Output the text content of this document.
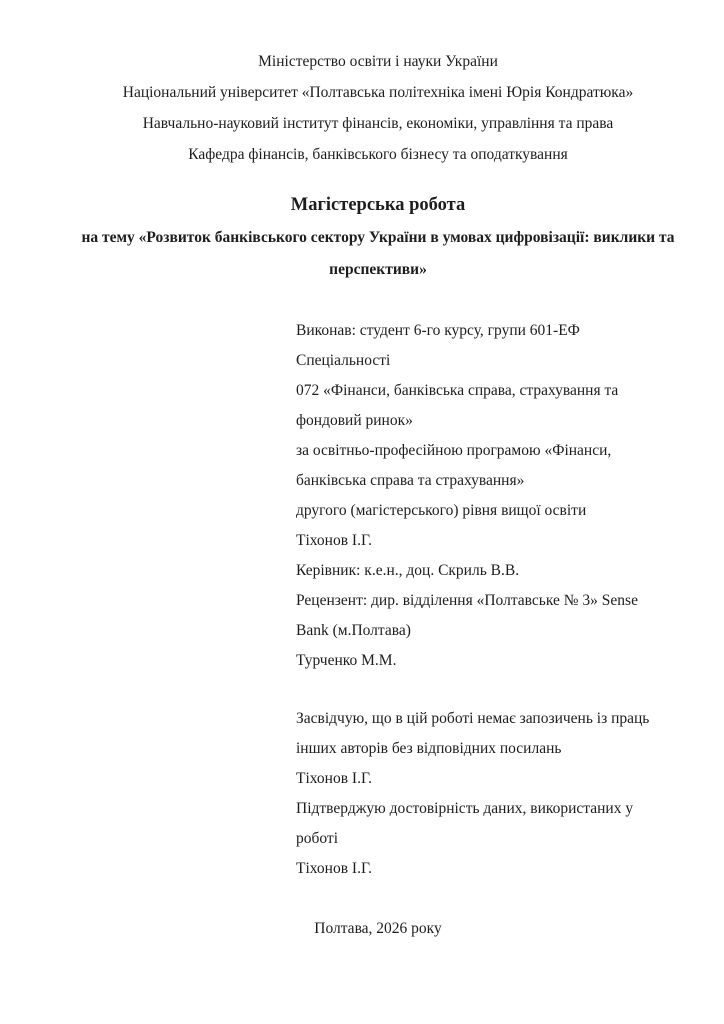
Міністерство освіти і науки України

Національний університет «Полтавська політехніка імені Юрія Кондратюка»

Навчально-науковий інститут фінансів, економіки, управління та права

Кафедра фінансів, банківського бізнесу та оподаткування

Магістерська робота

на тему «Розвиток банківського сектору України в умовах цифровізації: виклики та перспективи»

Виконав: студент 6-го курсу, групи 601-ЕФ

Спеціальності

072 «Фінанси, банківська справа, страхування та фондовий ринок»

за освітньо-професійною програмою «Фінанси, банківська справа та страхування»

другого (магістерського) рівня вищої освіти

Тіхонов І.Г.

Керівник: к.е.н., доц. Скриль В.В.

Рецензент: дир. відділення «Полтавське № 3» Sense Bank (м.Полтава)

Турченко М.М.

Засвідчую, що в цій роботі немає запозичень із праць інших авторів без відповідних посилань

Тіхонов І.Г.

Підтверджую достовірність даних, використаних у роботі

Тіхонов І.Г.

Полтава, 2026 року
